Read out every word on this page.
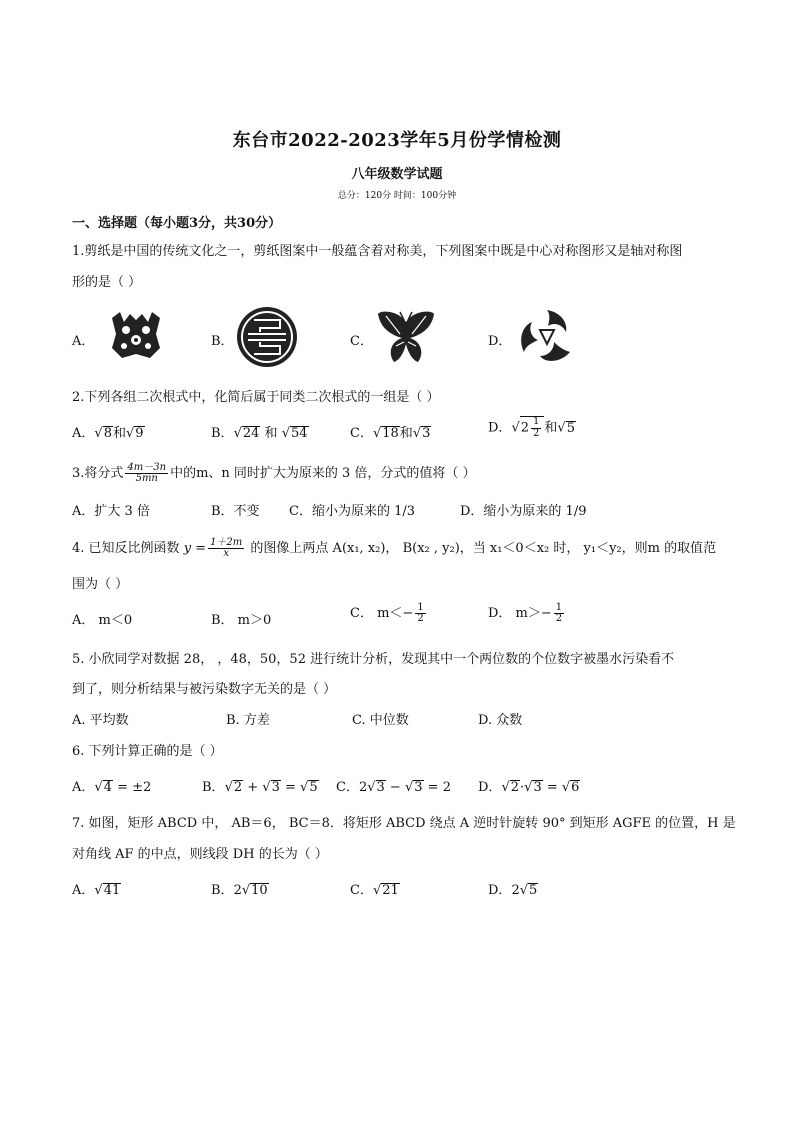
东台市2022-2023学年5月份学情检测
八年级数学试题
总分：120分 时间：100分钟
一、选择题（每小题3分，共30分）
1.剪纸是中国的传统文化之一，剪纸图案中一般蕴含着对称美，下列图案中既是中心对称图形又是轴对称图
形的是（ ）
A．	B．	C．	D．
2.下列各组二次根式中，化简后属于同类二次根式的一组是（ ）
A．√8和√9	B．√24 和 √54	C．√18和√3	D．$√2 \frac{1}{2}$ 和√5
3.将分式 $\frac{4m-3n}{5mn}$ 中的m、n 同时扩大为原来的 3 倍，分式的值将（ ）
A．扩大 3 倍	B．不变 C．缩小为原来的 1/3	D．缩小为原来的 1/9
4. 已知反比例函数 $y = \frac{1+2m}{x}$ 的图像上两点 A(x₁, x₂)， B(x₂ , y₂)，当 x₁＜0＜x₂ 时， y₁＜y₂，则m 的取值范
围为（ ）
A． m＜0	B． m＞0	C． $m<- \frac{1}{2}$	D． $m>- \frac{1}{2}$
5. 小欣同学对数据 28， ，48，50，52 进行统计分析，发现其中一个两位数的个位数字被墨水污染看不
到了，则分析结果与被污染数字无关的是（ ）
A. 平均数	B. 方差	C. 中位数	D. 众数
6. 下列计算正确的是（ ）
A．√4 = ±2	B．√2 + √3 = √5 C．2√3 − √3 = 2 D．√2·√3 = √6
7. 如图，矩形 ABCD 中， AB＝6， BC＝8．将矩形 ABCD 绕点 A 逆时针旋转 90° 到矩形 AGFE 的位置，H 是
对角线 AF 的中点，则线段 DH 的长为（ ）
A．√41	B．2√10	C．√21	D．2√5
